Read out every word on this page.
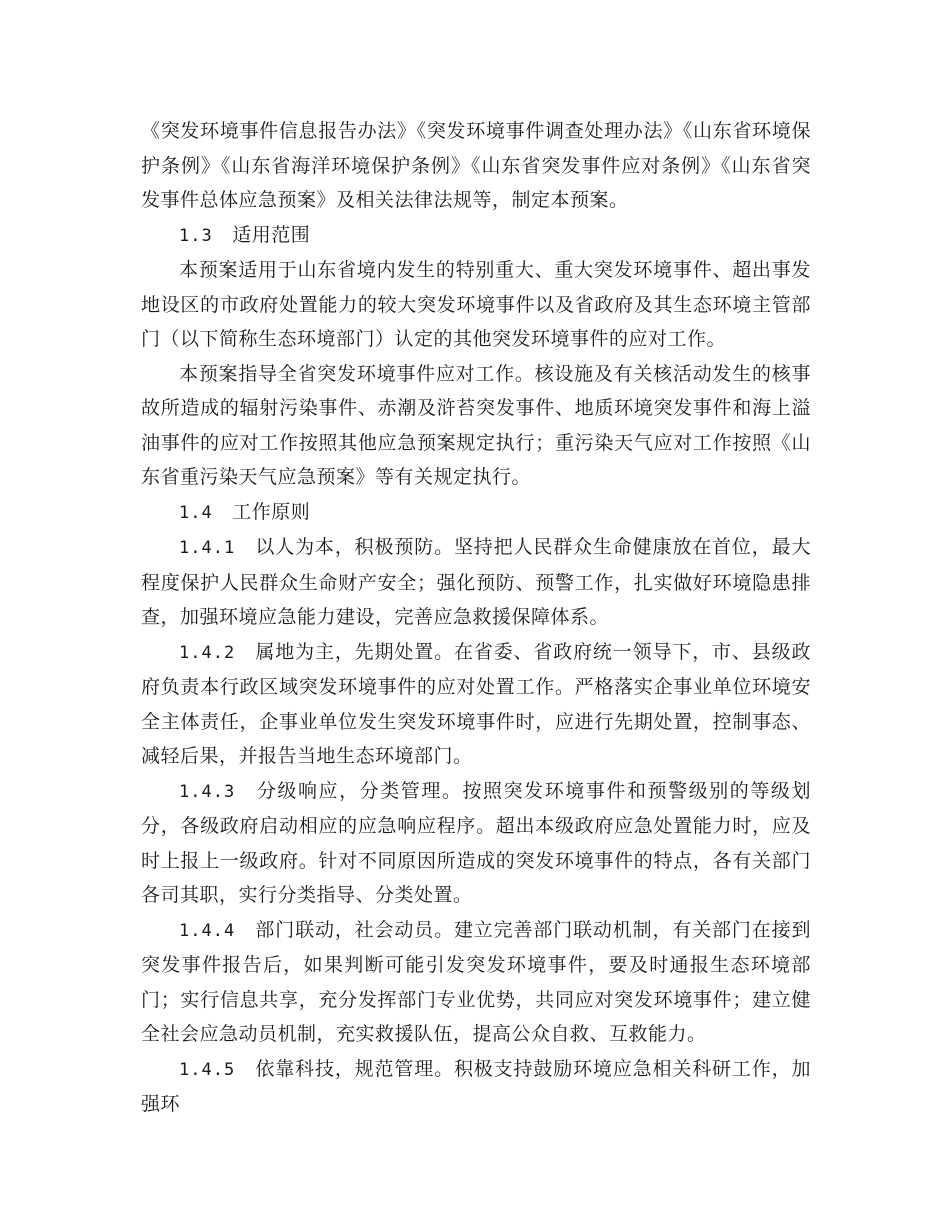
《突发环境事件信息报告办法》《突发环境事件调查处理办法》《山东省环境保护条例》《山东省海洋环境保护条例》《山东省突发事件应对条例》《山东省突发事件总体应急预案》及相关法律法规等，制定本预案。

1.3　 适用范围

本预案适用于山东省境内发生的特别重大、重大突发环境事件、超出事发地设区的市政府处置能力的较大突发环境事件以及省政府及其生态环境主管部门（以下简称生态环境部门）认定的其他突发环境事件的应对工作。

本预案指导全省突发环境事件应对工作。核设施及有关核活动发生的核事故所造成的辐射污染事件、赤潮及浒苔突发事件、地质环境突发事件和海上溢油事件的应对工作按照其他应急预案规定执行；重污染天气应对工作按照《山东省重污染天气应急预案》等有关规定执行。

1.4　 工作原则

1.4.1　 以人为本，积极预防。坚持把人民群众生命健康放在首位，最大程度保护人民群众生命财产安全；强化预防、预警工作，扎实做好环境隐患排查，加强环境应急能力建设，完善应急救援保障体系。

1.4.2　 属地为主，先期处置。在省委、省政府统一领导下，市、县级政府负责本行政区域突发环境事件的应对处置工作。严格落实企事业单位环境安全主体责任，企事业单位发生突发环境事件时，应进行先期处置，控制事态、减轻后果，并报告当地生态环境部门。

1.4.3　 分级响应，分类管理。按照突发环境事件和预警级别的等级划分，各级政府启动相应的应急响应程序。超出本级政府应急处置能力时，应及时上报上一级政府。针对不同原因所造成的突发环境事件的特点，各有关部门各司其职，实行分类指导、分类处置。

1.4.4　 部门联动，社会动员。建立完善部门联动机制，有关部门在接到突发事件报告后，如果判断可能引发突发环境事件，要及时通报生态环境部门；实行信息共享，充分发挥部门专业优势，共同应对突发环境事件；建立健全社会应急动员机制，充实救援队伍，提高公众自救、互救能力。

1.4.5　 依靠科技，规范管理。积极支持鼓励环境应急相关科研工作，加强环
